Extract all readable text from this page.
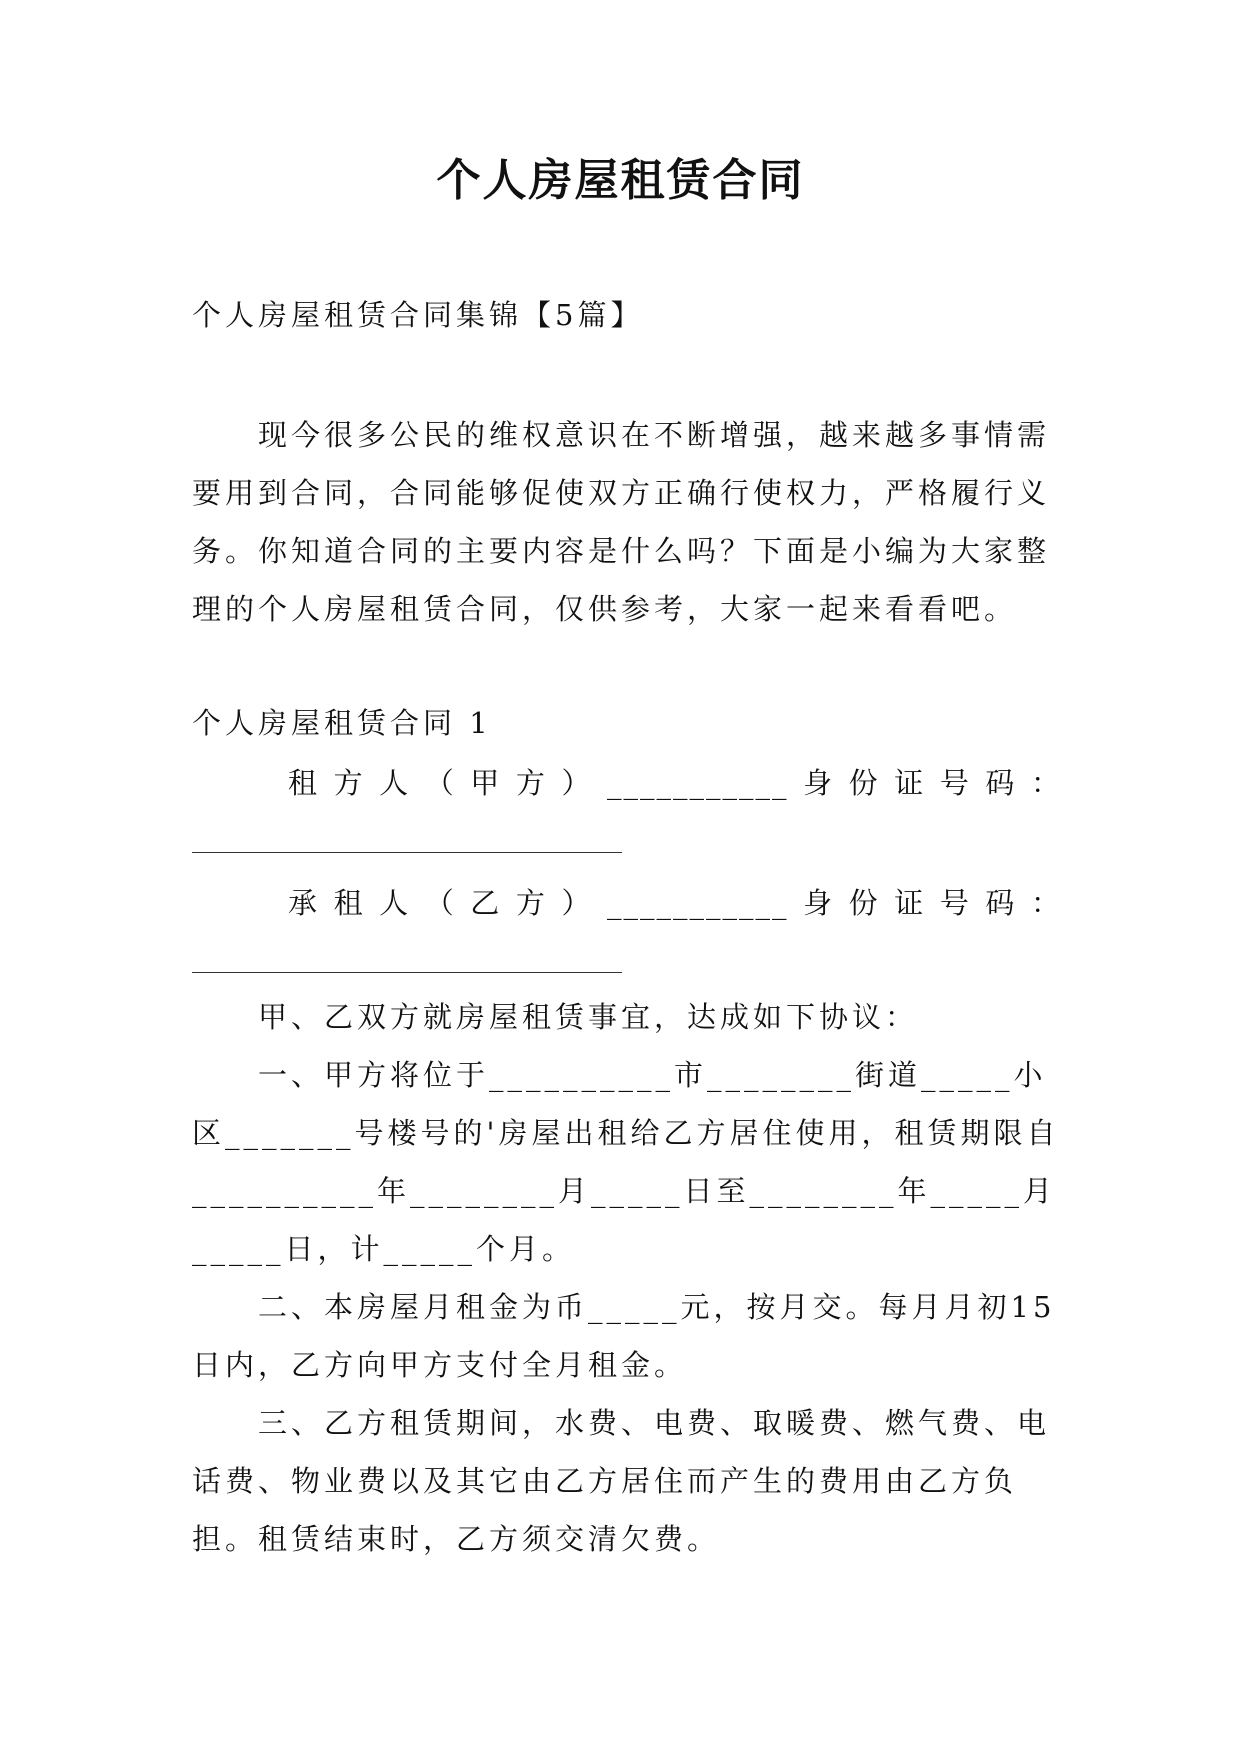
个人房屋租赁合同
个人房屋租赁合同集锦【5篇】
现今很多公民的维权意识在不断增强，越来越多事情需要用到合同，合同能够促使双方正确行使权力，严格履行义务。你知道合同的主要内容是什么吗？下面是小编为大家整理的个人房屋租赁合同，仅供参考，大家一起来看看吧。
个人房屋租赁合同 1
租方人（甲方）___________身份证号码：
承租人（乙方）___________身份证号码：

甲、乙双方就房屋租赁事宜，达成如下协议：

一、甲方将位于__________市________街道_____小区_______号楼号的'房屋出租给乙方居住使用，租赁期限自__________年________月_____日至________年_____月_____日，计_____个月。

二、本房屋月租金为币_____元，按月交。每月月初15日内，乙方向甲方支付全月租金。

三、乙方租赁期间，水费、电费、取暖费、燃气费、电话费、物业费以及其它由乙方居住而产生的费用由乙方负担。租赁结束时，乙方须交清欠费。
